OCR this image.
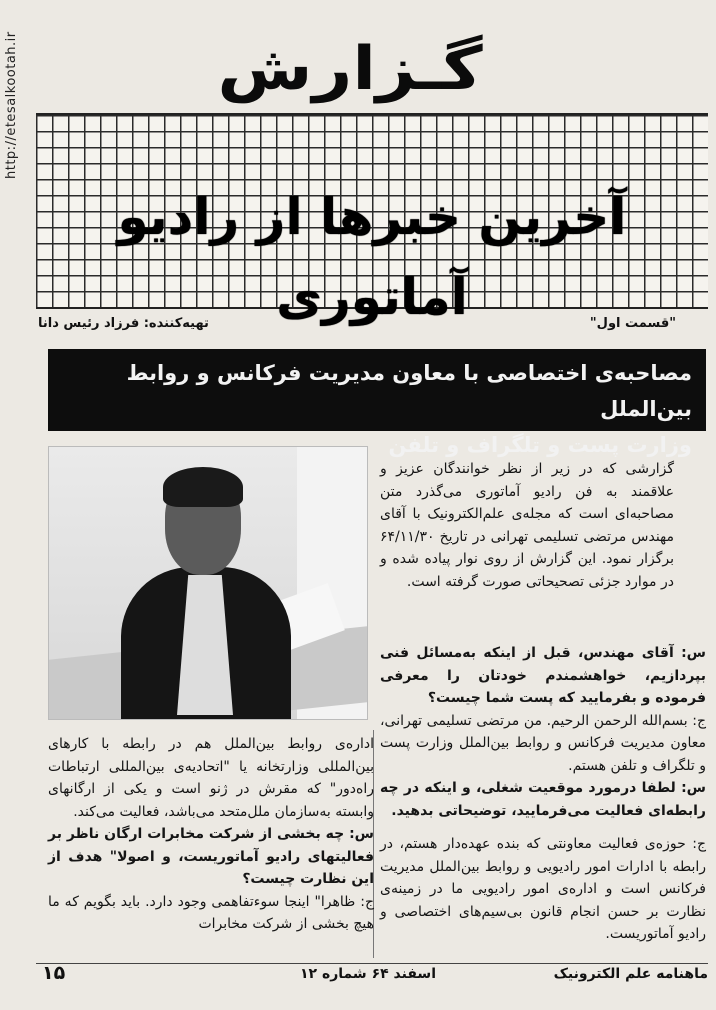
http://etesalkootah.ir	گـزارش
آخرین خبرها از رادیو آماتوری
تهیه‌کننده: فرزاد رئیس دانا	"قسمت اول"
مصاحبه‌ی اختصاصی با معاون مدیریت فرکانس و روابط بین‌الملل
وزارت پست و تلگراف و تلفن

گزارشی که در زیر از نظر خوانندگان عزیز و علاقمند به فن رادیو آماتوری می‌گذرد متن مصاحبه‌ای است که مجله‌ی علم‌الکترونیک با آقای مهندس مرتضی تسلیمی تهرانی در تاریخ ۶۴/۱۱/۳۰ برگزار نمود. این گزارش از روی نوار پیاده شده و در موارد جزئی تصحیحاتی صورت گرفته است.

س: آقای مهندس، قبل از اینکه به‌مسائل فنی بپردازیم، خواهشمندم خودتان را معرفی فرموده و بفرمایید که پست شما چیست؟

ج: بسم‌الله الرحمن الرحیم. من مرتضی تسلیمی تهرانی، معاون مدیریت فرکانس و روابط بین‌الملل وزارت پست و تلگراف و تلفن هستم.

س: لطفا درمورد موقعیت شغلی، و اینکه در چه رابطه‌ای فعالیت می‌فرمایید، توضیحاتی بدهید.

ج: حوزه‌ی فعالیت معاونتی که بنده عهده‌دار هستم، در رابطه با ادارات امور رادیویی و روابط بین‌الملل مدیریت فرکانس است و اداره‌ی امور رادیویی ما در زمینه‌ی نظارت بر حسن انجام قانون بی‌سیم‌های اختصاصی و رادیو آماتوریست.

اداره‌ی روابط بین‌الملل هم در رابطه با کارهای بین‌المللی وزارتخانه یا "اتحادیه‌ی بین‌المللی ارتباطات راه‌دور" که مقرش در ژنو است و یکی از ارگانهای وابسته به‌سازمان ملل‌متحد می‌باشد، فعالیت می‌کند.

س: چه بخشی از شرکت مخابرات ارگان ناظر بر فعالیتهای رادیو آماتوریست، و اصولا" هدف از این نظارت چیست؟

ج: ظاهرا" اینجا سوءتفاهمی وجود دارد. باید بگویم که ما هیچ بخشی از شرکت مخابرات

۱۵	اسفند ۶۴ شماره ۱۲	ماهنامه علم الکترونیک
